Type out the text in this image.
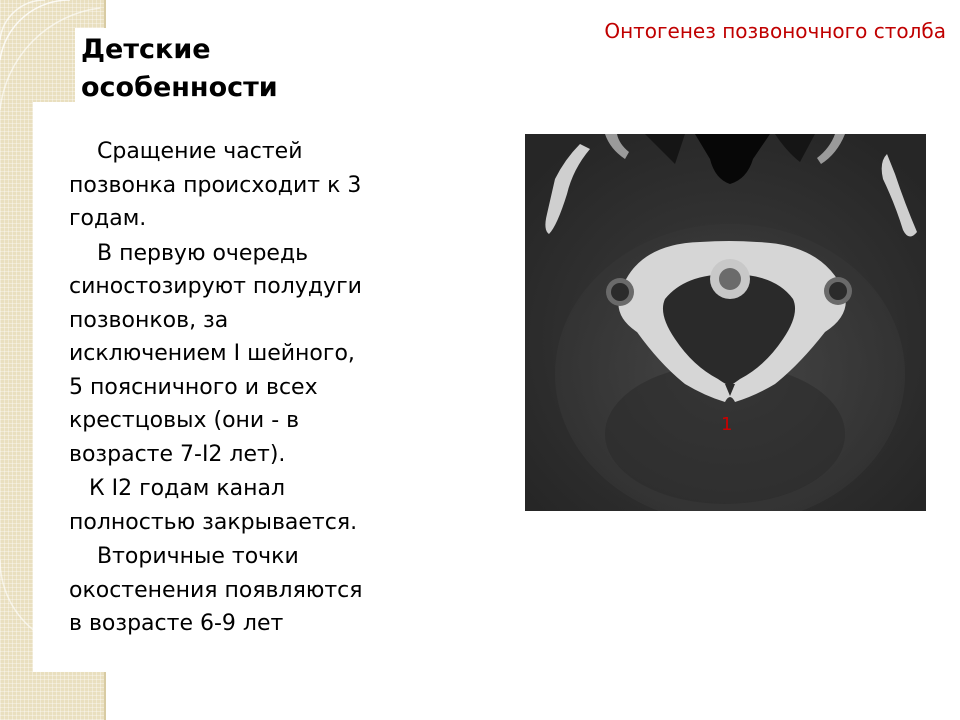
Детские
особенности
Онтогенез позвоночного столба

Сращение частей
позвонка происходит к 3
годам.

В первую очередь
синостозируют полудуги
позвонков, за
исключением I шейного,
5 поясничного и всех
крестцовых (они - в
возрасте 7-I2 лет).

К I2 годам канал
полностью закрывается.

Вторичные точки
окостенения появляются
в возрасте 6-9 лет

1
